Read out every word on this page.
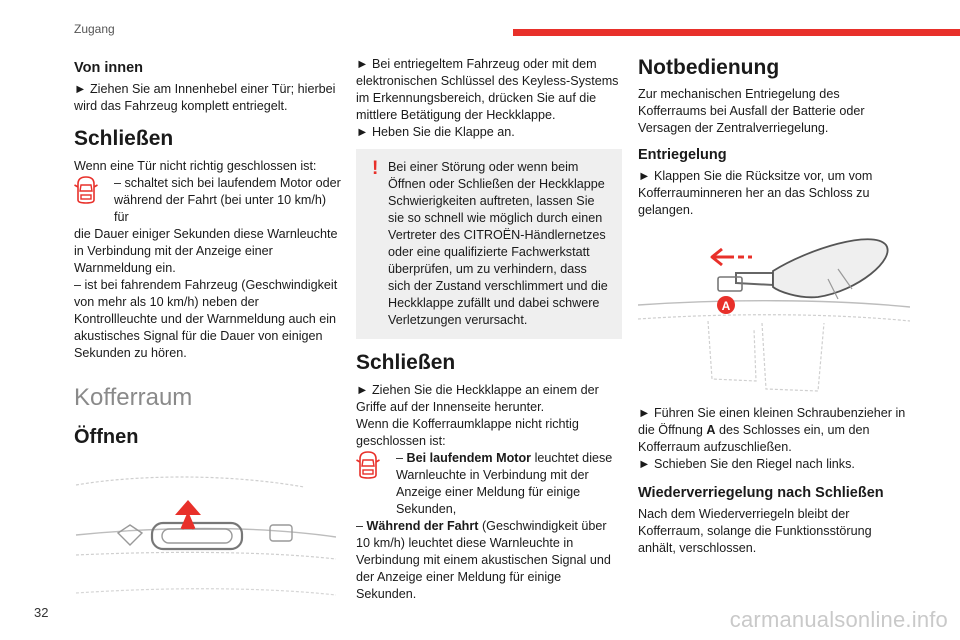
Zugang
Von innen

► Ziehen Sie am Innenhebel einer Tür; hierbei wird das Fahrzeug komplett entriegelt.

Schließen

Wenn eine Tür nicht richtig geschlossen ist:

– schaltet sich bei laufendem Motor oder während der Fahrt (bei unter 10 km/h) für

die Dauer einiger Sekunden diese Warnleuchte in Verbindung mit der Anzeige einer Warnmeldung ein.

– ist bei fahrendem Fahrzeug (Geschwindigkeit von mehr als 10 km/h) neben der Kontrollleuchte und der Warnmeldung auch ein akustisches Signal für die Dauer von einigen Sekunden zu hören.

Kofferraum
Öffnen

► Bei entriegeltem Fahrzeug oder mit dem elektronischen Schlüssel des Keyless-Systems im Erkennungsbereich, drücken Sie auf die mittlere Betätigung der Heckklappe.

► Heben Sie die Klappe an.

! Bei einer Störung oder wenn beim Öffnen oder Schließen der Heckklappe Schwierigkeiten auftreten, lassen Sie sie so schnell wie möglich durch einen Vertreter des CITROËN-Händlernetzes oder eine qualifizierte Fachwerkstatt überprüfen, um zu verhindern, dass sich der Zustand verschlimmert und die Heckklappe zufällt und dabei schwere Verletzungen verursacht.

Schließen

► Ziehen Sie die Heckklappe an einem der Griffe auf der Innenseite herunter.

Wenn die Kofferraumklappe nicht richtig geschlossen ist:

– Bei laufendem Motor leuchtet diese Warnleuchte in Verbindung mit der Anzeige einer Meldung für einige Sekunden,

– Während der Fahrt (Geschwindigkeit über 10 km/h) leuchtet diese Warnleuchte in Verbindung mit einem akustischen Signal und der Anzeige einer Meldung für einige Sekunden.

Notbedienung

Zur mechanischen Entriegelung des Kofferraums bei Ausfall der Batterie oder Versagen der Zentralverriegelung.

Entriegelung

► Klappen Sie die Rücksitze vor, um vom Kofferrauminneren her an das Schloss zu gelangen.

A

► Führen Sie einen kleinen Schraubenzieher in die Öffnung A des Schlosses ein, um den Kofferraum aufzuschließen.

► Schieben Sie den Riegel nach links.

Wiederverriegelung nach Schließen

Nach dem Wiederverriegeln bleibt der Kofferraum, solange die Funktionsstörung anhält, verschlossen.

32	carmanualsonline.info
